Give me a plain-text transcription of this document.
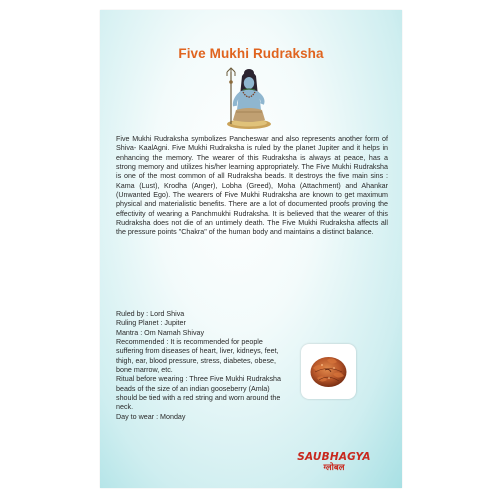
Five Mukhi Rudraksha

Five Mukhi Rudraksha symbolizes Pancheswar and also represents another form of Shiva- KaalAgni. Five Mukhi Rudraksha is ruled by the planet Jupiter and it helps in enhancing the memory. The wearer of this Rudraksha is always at peace, has a strong memory and utilizes his/her learning appropriately. The Five Mukhi Rudraksha is one of the most common of all Rudraksha beads. It destroys the five main sins : Kama (Lust), Krodha (Anger), Lobha (Greed), Moha (Attachment) and Ahankar (Unwanted Ego). The wearers of Five Mukhi Rudraksha are known to get maximum physical and materialistic benefits. There are a lot of documented proofs proving the effectivity of wearing a Panchmukhi Rudraksha. It is believed that the wearer of this Rudraksha does not die of an untimely death. The Five Mukhi Rudraksha affects all the pressure points "Chakra" of the human body and maintains a distinct balance.

Ruled by : Lord Shiva
Ruling Planet : Jupiter
Mantra : Om Namah Shivay
Recommended : It is recommended for people suffering from diseases of heart, liver, kidneys, feet, thigh, ear, blood pressure, stress, diabetes, obese, bone marrow, etc.
Ritual before wearing : Three Five Mukhi Rudraksha beads of the size of an indian gooseberry (Amla) should be tied with a red string and worn around the neck.
Day to wear : Monday
SAUBHAGYA
ग्लोबल
